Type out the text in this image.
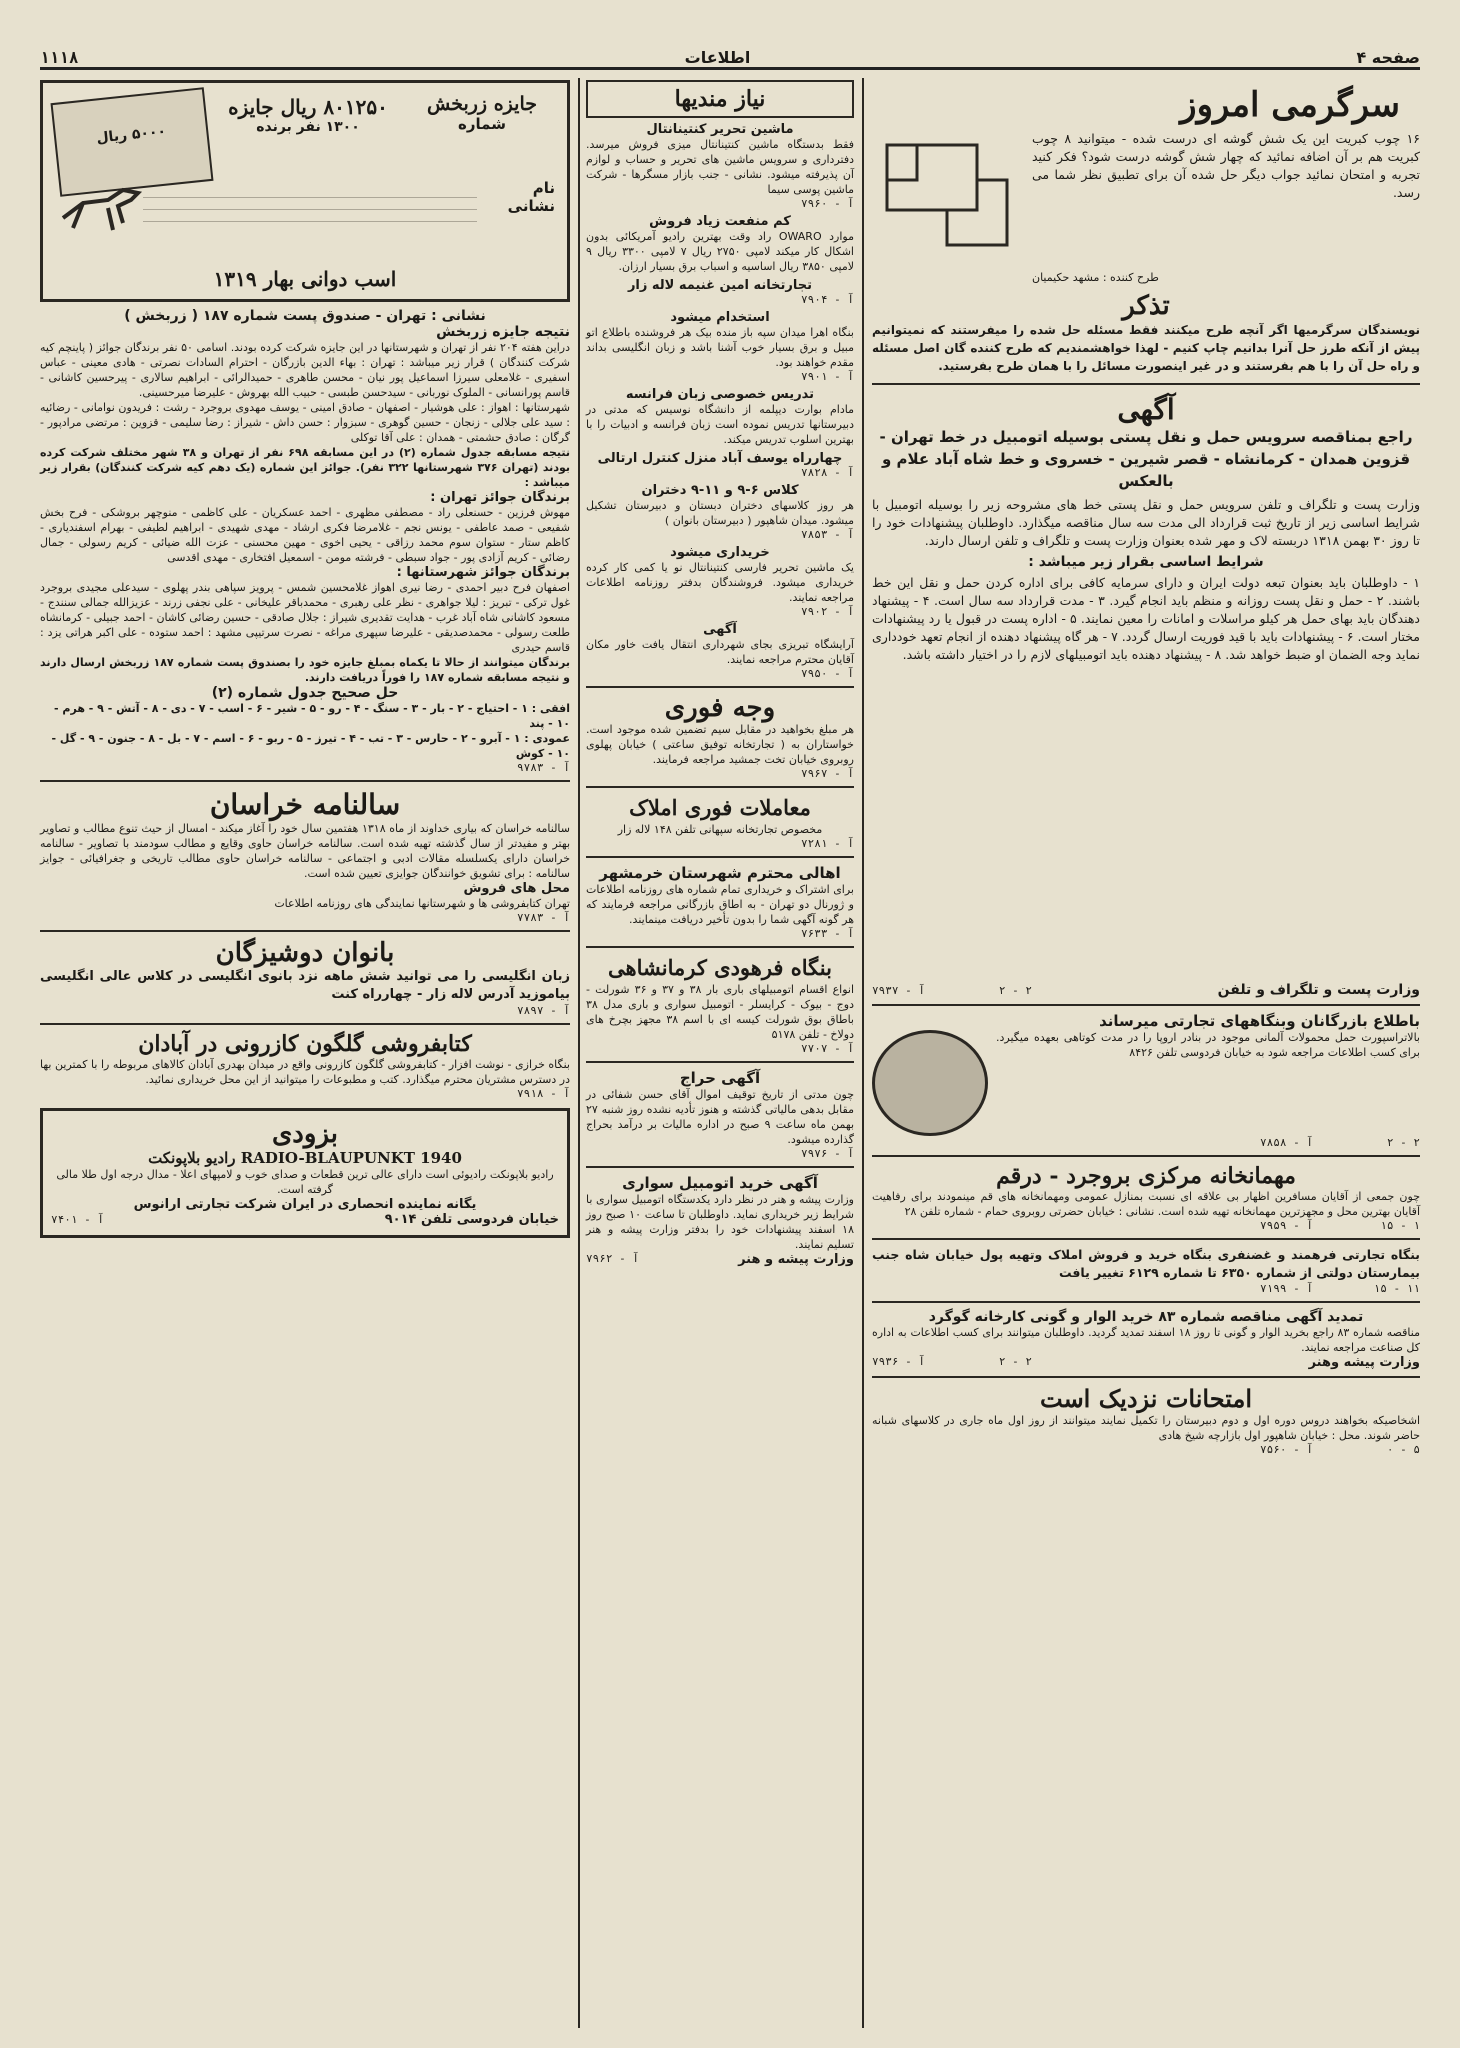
صفحه ۴
اطلاعات
۱۱۱۸
سرگرمی امروز
۱۶ چوب کبریت این یک شش گوشه ای درست شده - میتوانید ۸ چوب کبریت هم بر آن اضافه نمائید که چهار شش گوشه درست شود؟ فکر کنید تجربه و امتحان نمائید جواب دیگر حل شده آن برای تطبیق نظر شما می رسد.
طرح کننده : مشهد حکیمیان
تذکر
نویسندگان سرگرمیها اگر آنچه طرح میکنند فقط مسئله حل شده را میفرستند که نمیتوانیم پیش از آنکه طرز حل آنرا بدانیم چاپ کنیم - لهذا خواهشمندیم که طرح کننده گان اصل مسئله و راه حل آن را با هم بفرستند و در غیر اینصورت مسائل را با همان طرح بفرستید.
آگهی
راجع بمناقصه سرویس حمل و نقل پستی بوسیله اتومبیل در خط تهران - قزوین همدان - کرمانشاه - قصر شیرین - خسروی و خط شاه آباد علام و بالعکس
وزارت پست و تلگراف و تلفن سرویس حمل و نقل پستی خط های مشروحه زیر را بوسیله اتومبیل با شرایط اساسی زیر از تاریخ ثبت قرارداد الی مدت سه سال مناقصه میگذارد. داوطلبان پیشنهادات خود را تا روز ۳۰ بهمن ۱۳۱۸ دربسته لاک و مهر شده بعنوان وزارت پست و تلگراف و تلفن ارسال دارند.
شرایط اساسی بقرار زیر میباشد :
۱ - داوطلبان باید بعنوان تبعه دولت ایران و دارای سرمایه کافی برای اداره کردن حمل و نقل این خط باشند. ۲ - حمل و نقل پست روزانه و منظم باید انجام گیرد. ۳ - مدت قرارداد سه سال است. ۴ - پیشنهاد دهندگان باید بهای حمل هر کیلو مراسلات و امانات را معین نمایند. ۵ - اداره پست در قبول یا رد پیشنهادات مختار است. ۶ - پیشنهادات باید با قید فوریت ارسال گردد. ۷ - هر گاه پیشنهاد دهنده از انجام تعهد خودداری نماید وجه الضمان او ضبط خواهد شد. ۸ - پیشنهاد دهنده باید اتومبیلهای لازم را در اختیار داشته باشد.
وزارت پست و تلگراف و تلفن
۲ - ۲
آ - ۷۹۳۷
باطلاع بازرگانان وبنگاههای تجارتی میرساند
بالاتراسپورت حمل محمولات آلمانی موجود در بنادر اروپا را در مدت کوتاهی بعهده میگیرد. برای کسب اطلاعات مراجعه شود به خیابان فردوسی تلفن ۸۴۲۶
۲ - ۲
آ - ۷۸۵۸
مهمانخانه مرکزی بروجرد - درقم
چون جمعی از آقایان مسافرین اظهار بی علاقه ای نسبت بمنازل عمومی ومهمانخانه های قم مینمودند برای رفاهیت آقایان بهترین محل و مجهزترین مهمانخانه تهیه شده است. نشانی : خیابان حضرتی روبروی حمام - شماره تلفن ۲۸
۱ - ۱۵
آ - ۷۹۵۹
بنگاه تجارتی فرهمند و غضنفری بنگاه خرید و فروش املاک وتهیه پول خیابان شاه جنب بیمارستان دولتی از شماره ۶۳۵۰ تا شماره ۶۱۲۹ تغییر یافت
۱۱ - ۱۵
آ - ۷۱۹۹
تمدید آگهی مناقصه شماره ۸۳ خرید الوار و گونی کارخانه گوگرد
مناقصه شماره ۸۳ راجع بخرید الوار و گونی تا روز ۱۸ اسفند تمدید گردید. داوطلبان میتوانند برای کسب اطلاعات به اداره کل صناعت مراجعه نمایند.
وزارت پیشه وهنر
۲ - ۲
آ - ۷۹۳۶
امتحانات نزدیک است
اشخاصیکه بخواهند دروس دوره اول و دوم دبیرستان را تکمیل نمایند میتوانند از روز اول ماه جاری در کلاسهای شبانه حاضر شوند. محل : خیابان شاهپور اول بازارچه شیخ هادی
۵ - ۰
آ - ۷۵۶۰
نیاز مندیها
ماشین تحریر کنتینانتال
فقط بدستگاه ماشین کنتینانتال میزی فروش میرسد. دفترداری و سرویس ماشین های تحریر و حساب و لوازم آن پذیرفته میشود. نشانی - جنب بازار مسگرها - شرکت ماشین پوسی سیما
آ - ۷۹۶۰
کم منفعت زیاد فروش
موارد OWARO راد وقت بهترین رادیو آمریکائی بدون اشکال کار میکند لامپی ۲۷۵۰ ریال ۷ لامپی ۳۳۰۰ ریال ۹ لامپی ۳۸۵۰ ریال اساسیه و اسباب برق بسیار ارزان.
تجارتخانه امین غنیمه لاله زار
آ - ۷۹۰۴
استخدام میشود
بنگاه اهرا میدان سپه باز منده بیک هر فروشنده باطلاع اتو مبیل و برق بسیار خوب آشنا باشد و زبان انگلیسی بداند مقدم خواهند بود.
آ - ۷۹۰۱
تدریس خصوصی زبان فرانسه
مادام بوارت دیپلمه از دانشگاه نوسیس که مدتی در دبیرستانها تدریس نموده است زبان فرانسه و ادبیات را با بهترین اسلوب تدریس میکند.
چهارراه یوسف آباد منزل کنترل ارتالی
آ - ۷۸۲۸
کلاس ۶-۹ و ۱۱-۹ دختران
هر روز کلاسهای دختران دبستان و دبیرستان تشکیل میشود. میدان شاهپور ( دبیرستان بانوان )
آ - ۷۸۵۳
خریداری میشود
یک ماشین تحریر فارسی کنتینانتال نو یا کمی کار کرده خریداری میشود. فروشندگان بدفتر روزنامه اطلاعات مراجعه نمایند.
آ - ۷۹۰۲
آگهی
آرایشگاه تبریزی بجای شهرداری انتقال یافت خاور مکان آقایان محترم مراجعه نمایند.
آ - ۷۹۵۰
وجه فوری
هر مبلغ بخواهید در مقابل سیم تضمین شده موجود است. خواستاران به ( تجارتخانه توفیق ساعتی ) خیابان پهلوی روبروی خیابان تخت جمشید مراجعه فرمایند.
آ - ۷۹۶۷
معاملات فوری املاک
مخصوص تجارتخانه سپهانی تلفن ۱۴۸ لاله زار
آ - ۷۲۸۱
اهالی محترم شهرستان خرمشهر
برای اشتراک و خریداری تمام شماره های روزنامه اطلاعات و ژورنال دو تهران - به اطاق بازرگانی مراجعه فرمایند که هر گونه آگهی شما را بدون تأخیر دریافت مینمایند.
آ - ۷۶۳۳
بنگاه فرهودی کرمانشاهی
انواع اقسام اتومبیلهای باری بار ۳۸ و ۳۷ و ۳۶ شورلت - دوج - بیوک - کرایسلر - اتومبیل سواری و باری مدل ۳۸ باطاق بوق شورلت کیسه ای با اسم ۳۸ مجهز بچرخ های دولاخ - تلفن ۵۱۷۸
آ - ۷۷۰۷
آگهی حراج
چون مدتی از تاریخ توقیف اموال آقای حسن شفائی در مقابل بدهی مالیاتی گذشته و هنوز تأدیه نشده روز شنبه ۲۷ بهمن ماه ساعت ۹ صبح در اداره مالیات بر درآمد بحراج گذارده میشود.
آ - ۷۹۷۶
آگهی خرید اتومبیل سواری
وزارت پیشه و هنر در نظر دارد یکدستگاه اتومبیل سواری با شرایط زیر خریداری نماید. داوطلبان تا ساعت ۱۰ صبح روز ۱۸ اسفند پیشنهادات خود را بدفتر وزارت پیشه و هنر تسلیم نمایند.
وزارت پیشه و هنر
آ - ۷۹۶۲
جایزه زربخش
شماره
۸۰۱۲۵۰ ریال جایزه
۱۳۰۰ نفر برنده
۵۰۰۰ ریال
نام
نشانی
اسب دوانی بهار ۱۳۱۹
نشانی : تهران - صندوق پست شماره ۱۸۷ ( زربخش )
نتیجه جایزه زربخش
دراین هفته ۲۰۴ نفر از تهران و شهرستانها در این جایزه شرکت کرده بودند. اسامی ۵۰ نفر برندگان جوائز ( پاینچم کیه شرکت کنندگان ) قرار زیر میباشد : تهران : بهاء الدین بازرگان - احترام السادات نصرتی - هادی معینی - عباس اسفیری - غلامعلی سیرزا اسماعیل پور نیان - محسن طاهری - حمیدالرائی - ابراهیم سالاری - پیرحسین کاشانی - قاسم پورانسانی - الملوک نوربانی - سیدحسن طبسی - حبیب الله بهروش - علیرضا میرحسینی.
شهرستانها : اهواز : علی هوشیار - اصفهان - صادق امینی - یوسف مهدوی بروجرد - رشت : فریدون نوامانی - رضائیه : سید علی جلالی - زنجان - حسین گوهری - سبزوار : حسن داش - شیراز : رضا سلیمی - قزوین : مرتضی مرادپور - گرگان : صادق حشمتی - همدان : علی آقا توکلی
نتیجه مسابقه جدول شماره (۲) در این مسابقه ۶۹۸ نفر از تهران و ۳۸ شهر مختلف شرکت کرده بودند (تهران ۳۷۶ شهرستانها ۳۲۲ نفر). جوائز این شماره (یک دهم کیه شرکت کنندگان) بقرار زیر میباشد :
برندگان جوائز تهران :
مهوش فرزین - حسنعلی راد - مصطفی مظهری - احمد عسکریان - علی کاظمی - منوچهر بروشکی - فرح بخش شفیعی - صمد عاطفی - یونس نجم - غلامرضا فکری ارشاد - مهدی شهیدی - ابراهیم لطیفی - بهرام اسفندیاری - کاظم ستار - ستوان سوم محمد رزاقی - یحیی اخوی - مهین محسنی - عزت الله ضیائی - کریم رسولی - جمال رضائی - کریم آزادی پور - جواد سبطی - فرشته مومن - اسمعیل افتخاری - مهدی اقدسی
برندگان جوائز شهرستانها :
اصفهان فرح دبیر احمدی - رضا نیری اهواز غلامحسین شمس - پرویز سپاهی بندر پهلوی - سیدعلی مجیدی بروجرد غول ترکی - تبریز : لیلا جواهری - نظر علی رهبری - محمدباقر علیخانی - علی نجفی زرند - عزیزالله جمالی سنندج - مسعود کاشانی شاه آباد غرب - هدایت تقدیری شیراز : جلال صادقی - حسین رضائی کاشان - احمد جبیلی - کرمانشاه طلعت رسولی - محمدصدیقی - علیرضا سپهری مراغه - نصرت سرتیپی مشهد : احمد ستوده - علی اکبر هراتی یزد : قاسم حیدری
برندگان میتوانند از حالا تا یکماه بمبلغ جایزه خود را بصندوق پست شماره ۱۸۷ زربخش ارسال دارند و نتیجه مسابقه شماره ۱۸۷ را فوراً دریافت دارند.
حل صحیح جدول شماره (۲)
افقی : ۱ - احتیاج - ۲ - بار - ۳ - سنگ - ۴ - رو - ۵ - شیر - ۶ - اسب - ۷ - دی - ۸ - آتش - ۹ - هرم - ۱۰ - پند
عمودی : ۱ - آبرو - ۲ - حارس - ۳ - تب - ۴ - تیرز - ۵ - ربو - ۶ - اسم - ۷ - بل - ۸ - جنون - ۹ - گل - ۱۰ - کوش
آ - ۹۷۸۳
سالنامه خراسان
سالنامه خراسان که بیاری خداوند از ماه ۱۳۱۸ هفتمین سال خود را آغاز میکند - امسال از حیث تنوع مطالب و تصاویر بهتر و مفیدتر از سال گذشته تهیه شده است. سالنامه خراسان حاوی وقایع و مطالب سودمند با تصاویر - سالنامه خراسان دارای یکسلسله مقالات ادبی و اجتماعی - سالنامه خراسان حاوی مطالب تاریخی و جغرافیائی - جوایز سالنامه : برای تشویق خوانندگان جوایزی تعیین شده است.
محل های فروش
تهران کتابفروشی ها و شهرستانها نمایندگی های روزنامه اطلاعات
آ - ۷۷۸۳
بانوان دوشیزگان
زبان انگلیسی را می توانید شش ماهه نزد بانوی انگلیسی در کلاس عالی انگلیسی بیاموزید آدرس لاله زار - چهارراه کنت
آ - ۷۸۹۷
کتابفروشی گلگون کازرونی در آبادان
بنگاه خرازی - نوشت افزار - کتابفروشی گلگون کازرونی واقع در میدان بهدری آبادان کالاهای مربوطه را با کمترین بها در دسترس مشتریان محترم میگذارد. کتب و مطبوعات را میتوانید از این محل خریداری نمائید.
آ - ۷۹۱۸
بزودی
RADIO-BLAUPUNKT 1940 رادیو بلاپونکت
رادیو بلاپونکت رادیوئی است دارای عالی ترین قطعات و صدای خوب و لامپهای اعلا - مدال درجه اول طلا مالی گرفته است.
یگانه نماینده انحصاری در ایران شرکت تجارتی ارانوس
خیابان فردوسی تلفن ۹۰۱۴
آ - ۷۴۰۱
